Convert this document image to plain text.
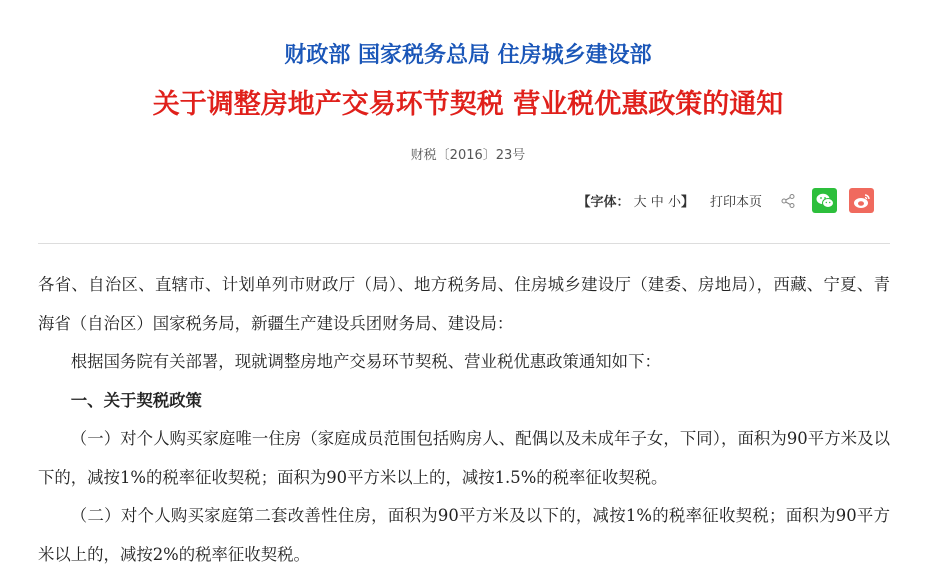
财政部 国家税务总局 住房城乡建设部
关于调整房地产交易环节契税 营业税优惠政策的通知
财税〔2016〕23号
【字体： 大 中 小】 打印本页

各省、自治区、直辖市、计划单列市财政厅（局）、地方税务局、住房城乡建设厅（建委、房地局），西藏、宁夏、青海省（自治区）国家税务局，新疆生产建设兵团财务局、建设局：

根据国务院有关部署，现就调整房地产交易环节契税、营业税优惠政策通知如下：

一、关于契税政策

（一）对个人购买家庭唯一住房（家庭成员范围包括购房人、配偶以及未成年子女，下同），面积为90平方米及以下的，减按1%的税率征收契税；面积为90平方米以上的，减按1.5%的税率征收契税。

（二）对个人购买家庭第二套改善性住房，面积为90平方米及以下的，减按1%的税率征收契税；面积为90平方米以上的，减按2%的税率征收契税。
